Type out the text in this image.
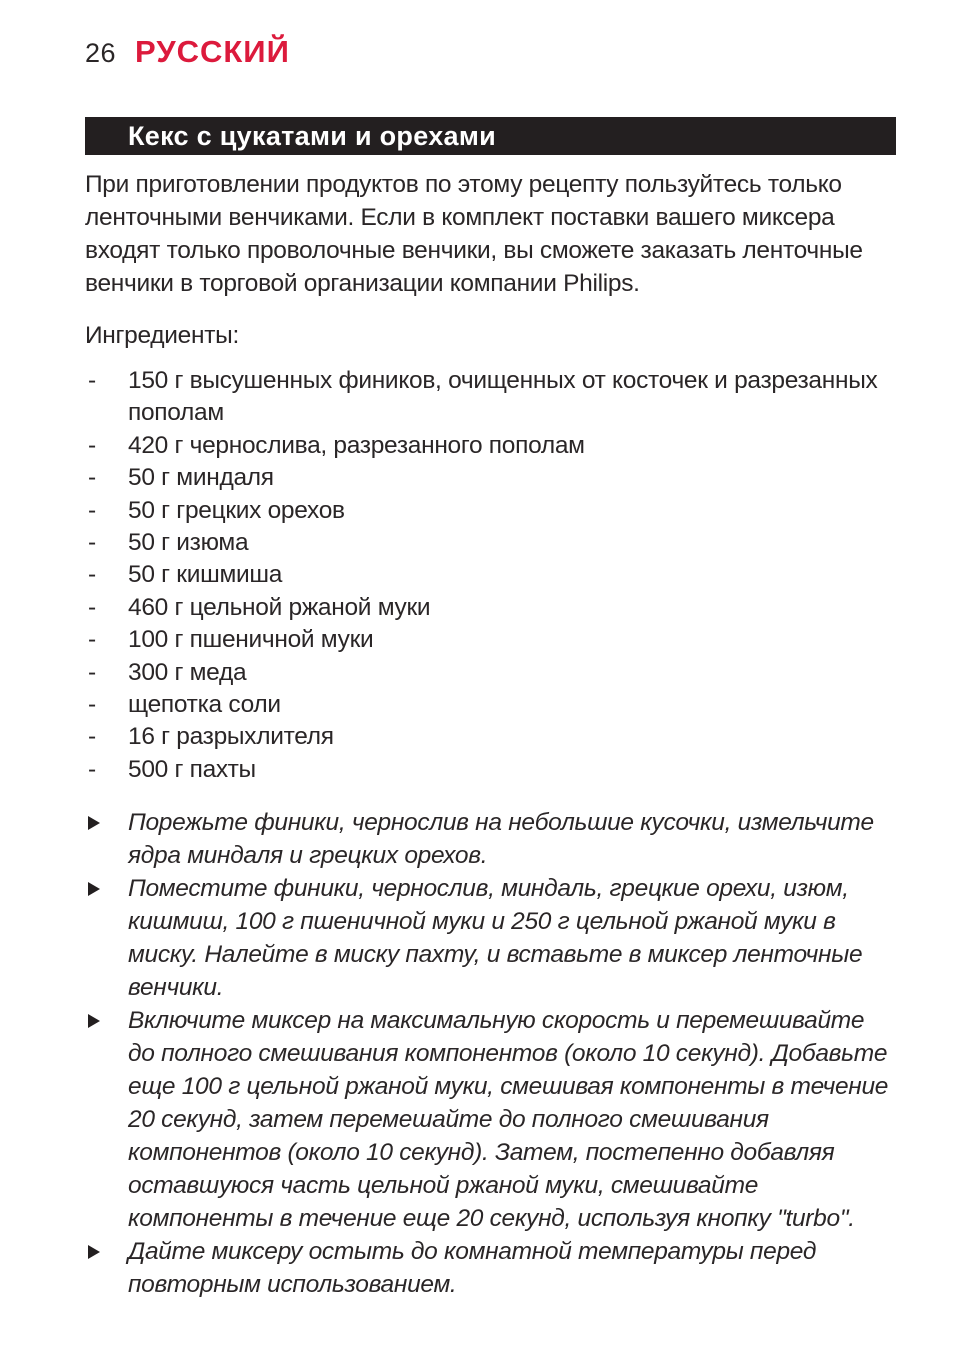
26 РУССКИЙ
Кекс с цукатами и орехами

При приготовлении продуктов по этому рецепту пользуйтесь только ленточными венчиками. Если в комплект поставки вашего миксера входят только проволочные венчики, вы сможете заказать ленточные венчики в торговой организации компании Philips.

Ингредиенты:

- 150 г высушенных фиников, очищенных от косточек и разрезанных пополам
- 420 г чернослива, разрезанного пополам
- 50 г миндаля
- 50 г грецких орехов
- 50 г изюма
- 50 г кишмиша
- 460 г цельной ржаной муки
- 100 г пшеничной муки
- 300 г меда
- щепотка соли
- 16 г разрыхлителя
- 500 г пахты
Порежьте финики, чернослив на небольшие кусочки, измельчите ядра миндаля и грецких орехов.
Поместите финики, чернослив, миндаль, грецкие орехи, изюм, кишмиш, 100 г пшеничной муки и 250 г цельной ржаной муки в миску. Налейте в миску пахту, и вставьте в миксер ленточные венчики.
Включите миксер на максимальную скорость и перемешивайте до полного смешивания компонентов (около 10 секунд). Добавьте еще 100 г цельной ржаной муки, смешивая компоненты в течение 20 секунд, затем перемешайте до полного смешивания компонентов (около 10 секунд). Затем, постепенно добавляя оставшуюся часть цельной ржаной муки, смешивайте компоненты в течение еще 20 секунд, используя кнопку "turbo".
Дайте миксеру остыть до комнатной температуры перед повторным использованием.
